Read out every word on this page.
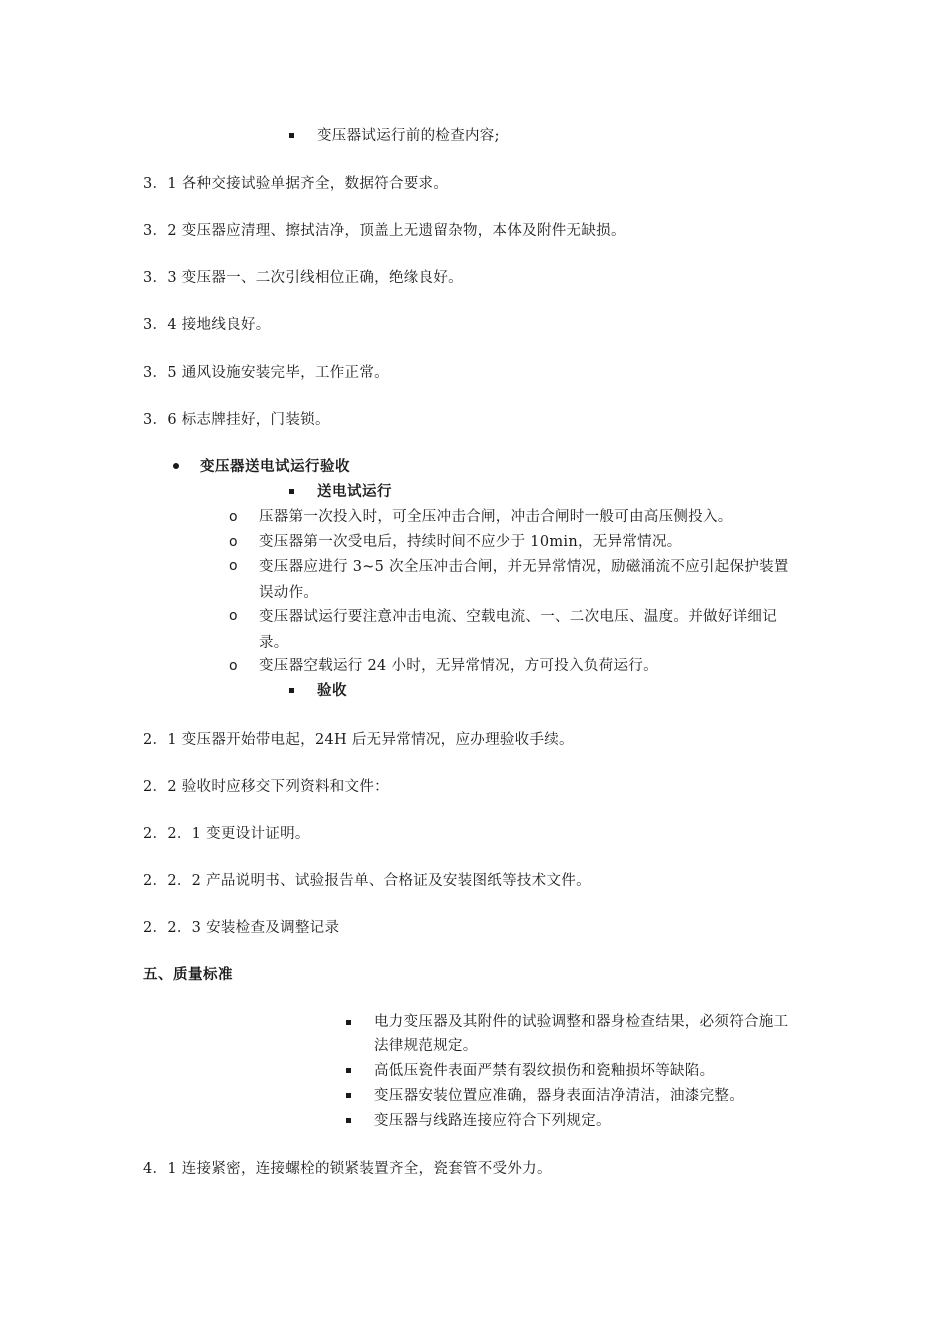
变压器试运行前的检查内容;
3．1 各种交接试验单据齐全，数据符合要求。
3．2 变压器应清理、擦拭洁净，顶盖上无遗留杂物，本体及附件无缺损。
3．3 变压器一、二次引线相位正确，绝缘良好。
3．4 接地线良好。
3．5 通风设施安装完毕，工作正常。
3．6 标志牌挂好，门装锁。
变压器送电试运行验收
送电试运行
o 压器第一次投入时，可全压冲击合闸，冲击合闸时一般可由高压侧投入。
o 变压器第一次受电后，持续时间不应少于 10min，无异常情况。
o 变压器应进行 3~5 次全压冲击合闸，并无异常情况，励磁涌流不应引起保护装置误动作。
o 变压器试运行要注意冲击电流、空载电流、一、二次电压、温度。并做好详细记录。
o 变压器空载运行 24 小时，无异常情况，方可投入负荷运行。
验收
2．1 变压器开始带电起，24H 后无异常情况，应办理验收手续。
2．2 验收时应移交下列资料和文件：
2．2．1 变更设计证明。
2．2．2 产品说明书、试验报告单、合格证及安装图纸等技术文件。
2．2．3 安装检查及调整记录
五、质量标准
电力变压器及其附件的试验调整和器身检查结果，必须符合施工法律规范规定。
高低压瓷件表面严禁有裂纹损伤和瓷釉损坏等缺陷。
变压器安装位置应准确，器身表面洁净清洁，油漆完整。
变压器与线路连接应符合下列规定。
4．1 连接紧密，连接螺栓的锁紧装置齐全，瓷套管不受外力。
